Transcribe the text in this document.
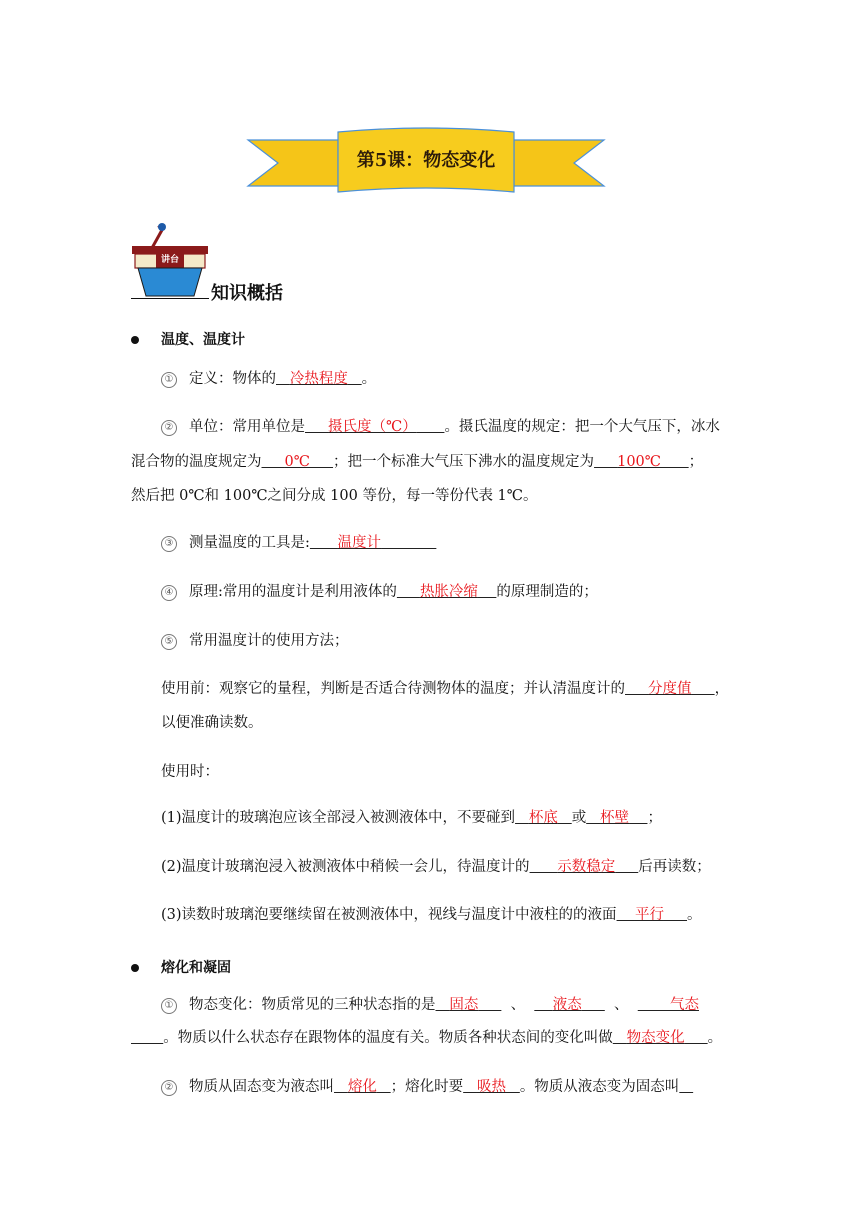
第5课：物态变化
讲台
知识概括
温度、温度计
① 定义：物体的 冷热程度 。
② 单位：常用单位是 摄氏度（℃） 。摄氏温度的规定：把一个大气压下，冰水
混合物的温度规定为 0℃ ；把一个标准大气压下沸水的温度规定为 100℃ ；
然后把 0℃和 100℃之间分成 100 等份，每一等份代表 1℃。
③ 测量温度的工具是: 温度计
④ 原理:常用的温度计是利用液体的 热胀冷缩 的原理制造的；
⑤ 常用温度计的使用方法；
使用前：观察它的量程，判断是否适合待测物体的温度；并认清温度计的 分度值 ，
以便准确读数。
使用时：
(1)温度计的玻璃泡应该全部浸入被测液体中，不要碰到 杯底 或 杯壁 ；
(2)温度计玻璃泡浸入被测液体中稍候一会儿，待温度计的 示数稳定 后再读数；
(3)读数时玻璃泡要继续留在被测液体中，视线与温度计中液柱的的液面 平行 。
熔化和凝固
① 物态变化：物质常见的三种状态指的是 固态 、 液态 、	气态
。物质以什么状态存在跟物体的温度有关。物质各种状态间的变化叫做 物态变化 。
② 物质从固态变为液态叫 熔化 ；熔化时要 吸热 。物质从液态变为固态叫
